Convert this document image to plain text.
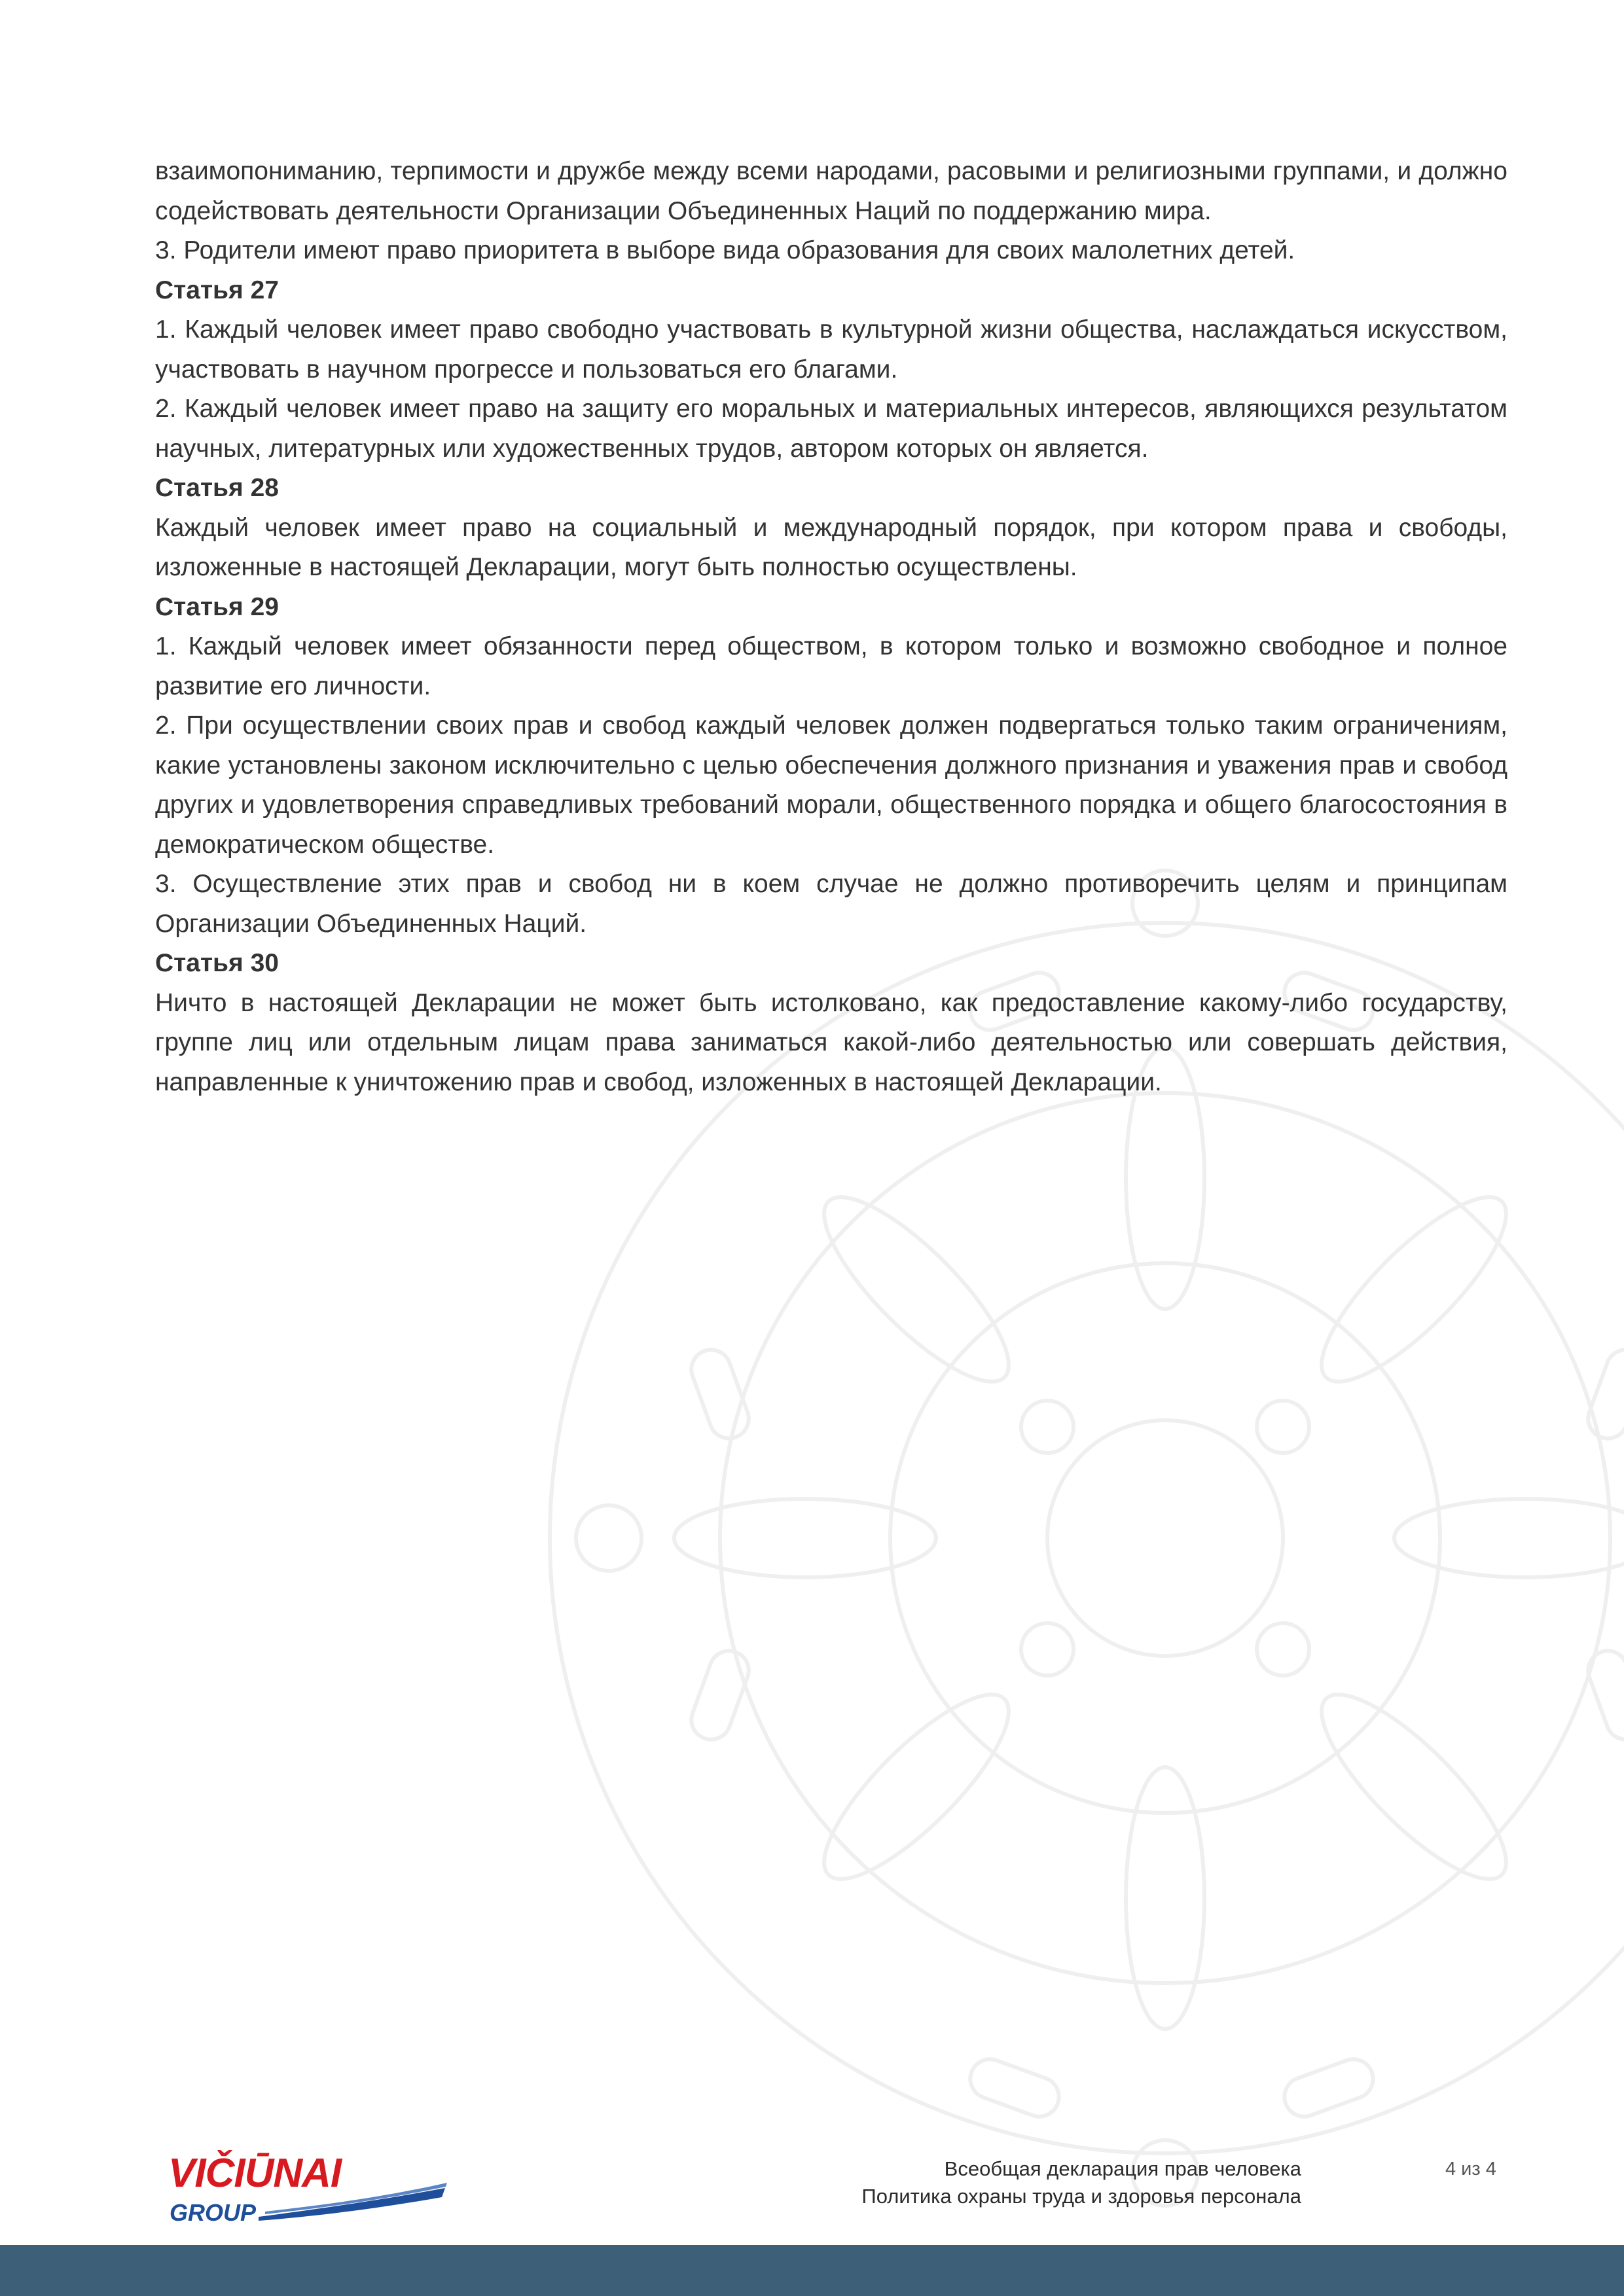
взаимопониманию, терпимости и дружбе между всеми народами, расовыми и религиозными группами, и должно содействовать деятельности Организации Объединенных Наций по поддержанию мира.

3. Родители имеют право приоритета в выборе вида образования для своих малолетних детей.

Статья 27

1. Каждый человек имеет право свободно участвовать в культурной жизни общества, наслаждаться искусством, участвовать в научном прогрессе и пользоваться его благами.

2. Каждый человек имеет право на защиту его моральных и материальных интересов, являющихся результатом научных, литературных или художественных трудов, автором которых он является.

Статья 28

Каждый человек имеет право на социальный и международный порядок, при котором права и свободы, изложенные в настоящей Декларации, могут быть полностью осуществлены.

Статья 29

1. Каждый человек имеет обязанности перед обществом, в котором только и возможно свободное и полное развитие его личности.

2. При осуществлении своих прав и свобод каждый человек должен подвергаться только таким ограничениям, какие установлены законом исключительно с целью обеспечения должного признания и уважения прав и свобод других и удовлетворения справедливых требований морали, общественного порядка и общего благосостояния в демократическом обществе.

3. Осуществление этих прав и свобод ни в коем случае не должно противоречить целям и принципам Организации Объединенных Наций.

Статья 30

Ничто в настоящей Декларации не может быть истолковано, как предоставление какому-либо государству, группе лиц или отдельным лицам права заниматься какой-либо деятельностью или совершать действия, направленные к уничтожению прав и свобод, изложенных в настоящей Декларации.

VIČIŪNAI
GROUP
Всеобщая декларация прав человека
Политика охраны труда и здоровья персонала
4 из 4
